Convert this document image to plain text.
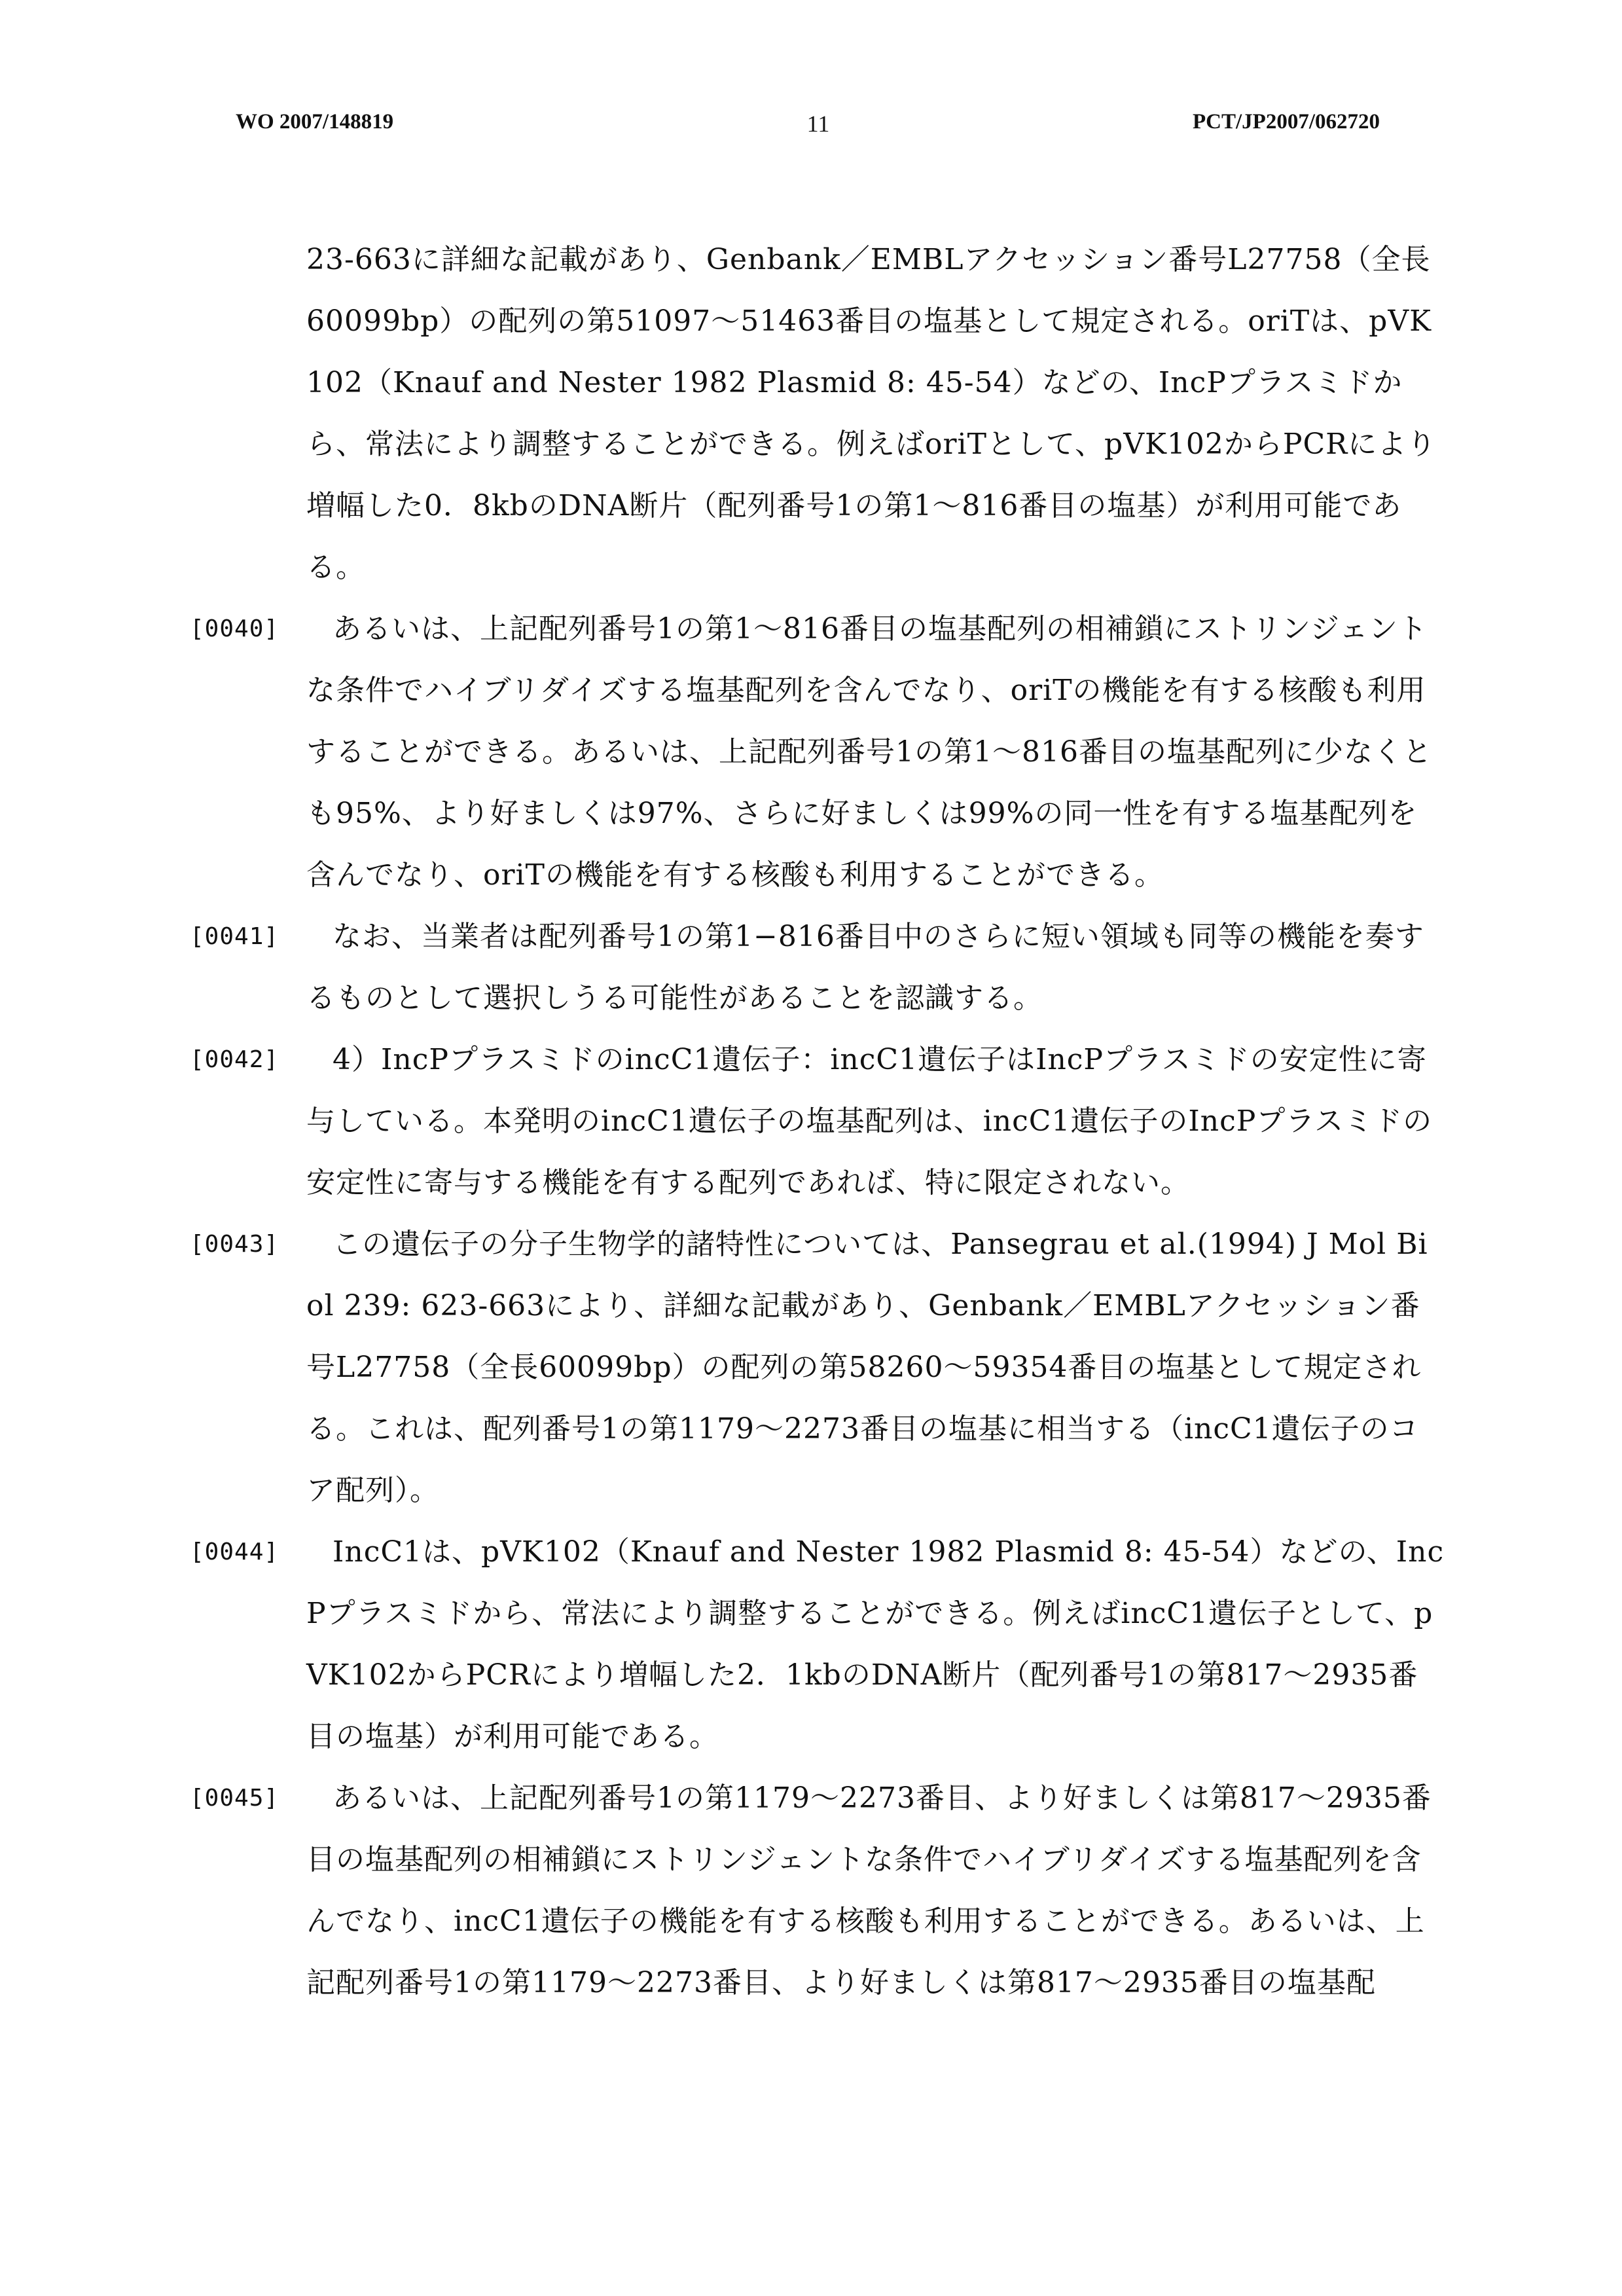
WO 2007/148819	11	PCT/JP2007/062720
23-663に詳細な記載があり、Genbank／EMBLアクセッション番号L27758（全長60099bp）の配列の第51097〜51463番目の塩基として規定される。oriTは、pVK102（Knauf and Nester 1982 Plasmid 8: 45-54）などの、IncPプラスミドから、常法により調整することができる。例えばoriTとして、pVK102からPCRにより増幅した0．8kbのDNA断片（配列番号1の第1〜816番目の塩基）が利用可能である。
[0040]	あるいは、上記配列番号1の第1〜816番目の塩基配列の相補鎖にストリンジェントな条件でハイブリダイズする塩基配列を含んでなり、oriTの機能を有する核酸も利用することができる。あるいは、上記配列番号1の第1〜816番目の塩基配列に少なくとも95%、より好ましくは97%、さらに好ましくは99%の同一性を有する塩基配列を含んでなり、oriTの機能を有する核酸も利用することができる。
[0041]	なお、当業者は配列番号1の第1−816番目中のさらに短い領域も同等の機能を奏するものとして選択しうる可能性があることを認識する。
[0042]	4）IncPプラスミドのincC1遺伝子：incC1遺伝子はIncPプラスミドの安定性に寄与している。本発明のincC1遺伝子の塩基配列は、incC1遺伝子のIncPプラスミドの安定性に寄与する機能を有する配列であれば、特に限定されない。
[0043]	この遺伝子の分子生物学的諸特性については、Pansegrau et al.(1994) J Mol Biol 239: 623-663により、詳細な記載があり、Genbank／EMBLアクセッション番号L27758（全長60099bp）の配列の第58260〜59354番目の塩基として規定される。これは、配列番号1の第1179〜2273番目の塩基に相当する（incC1遺伝子のコア配列）。
[0044]	IncC1は、pVK102（Knauf and Nester 1982 Plasmid 8: 45-54）などの、IncPプラスミドから、常法により調整することができる。例えばincC1遺伝子として、pVK102からPCRにより増幅した2．1kbのDNA断片（配列番号1の第817〜2935番目の塩基）が利用可能である。
[0045]	あるいは、上記配列番号1の第1179〜2273番目、より好ましくは第817〜2935番目の塩基配列の相補鎖にストリンジェントな条件でハイブリダイズする塩基配列を含んでなり、incC1遺伝子の機能を有する核酸も利用することができる。あるいは、上記配列番号1の第1179〜2273番目、より好ましくは第817〜2935番目の塩基配
